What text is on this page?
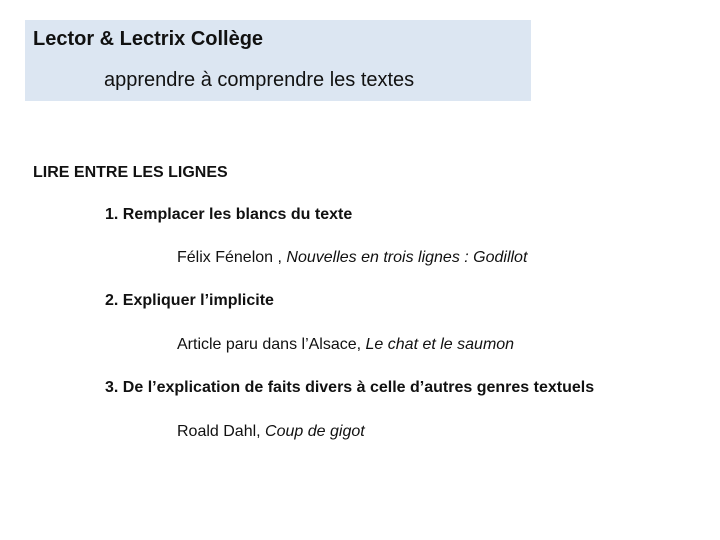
Lector & Lectrix Collège
apprendre à comprendre les textes
LIRE ENTRE LES LIGNES
1. Remplacer les blancs du texte
Félix Fénelon , Nouvelles en trois lignes : Godillot
2. Expliquer l’implicite
Article paru dans l’Alsace, Le chat et le saumon
3. De l’explication de faits divers à celle d’autres genres textuels
Roald Dahl, Coup de gigot
